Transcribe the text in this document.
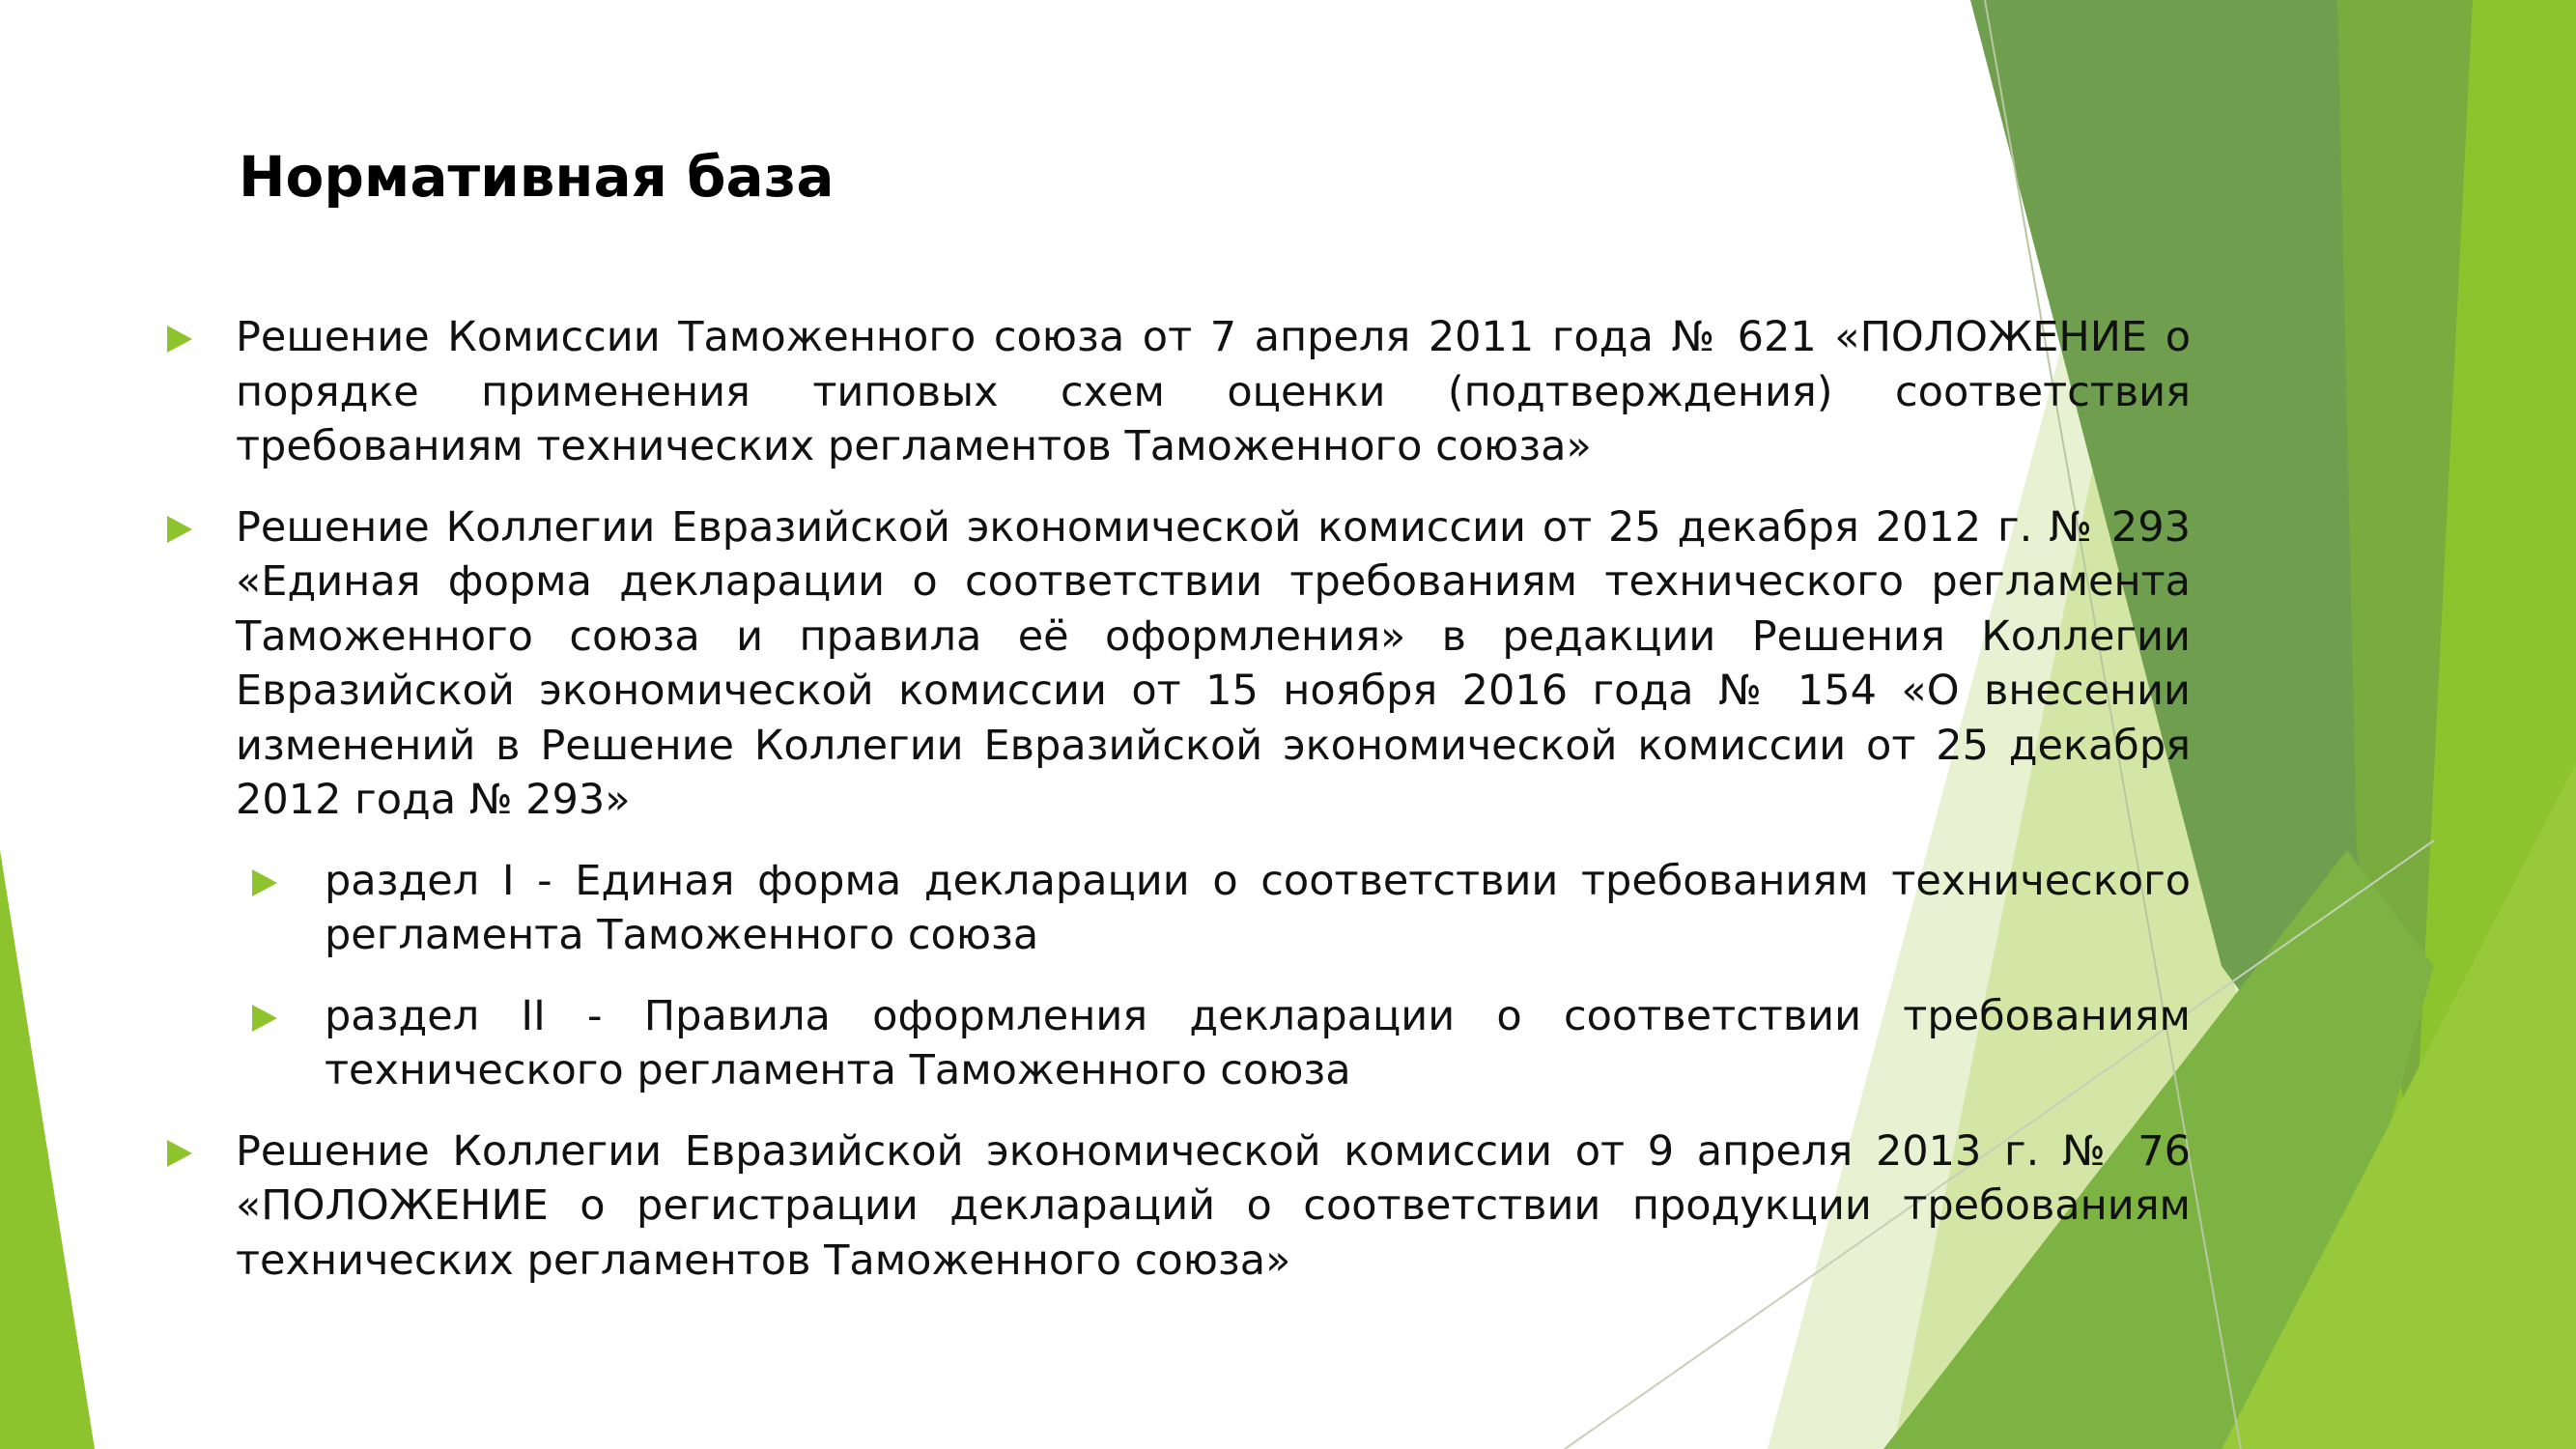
Нормативная база
Решение Комиссии Таможенного союза от 7 апреля 2011 года № 621 «ПОЛОЖЕНИЕ о порядке применения типовых схем оценки (подтверждения) соответствия требованиям технических регламентов Таможенного союза»
Решение Коллегии Евразийской экономической комиссии от 25 декабря 2012 г. № 293 «Единая форма декларации о соответствии требованиям технического регламента Таможенного союза и правила её оформления» в редакции Решения Коллегии Евразийской экономической комиссии от 15 ноября 2016 года № 154 «О внесении изменений в Решение Коллегии Евразийской экономической комиссии от 25 декабря 2012 года № 293»
раздел I - Единая форма декларации о соответствии требованиям технического регламента Таможенного союза
раздел II - Правила оформления декларации о соответствии требованиям технического регламента Таможенного союза
Решение Коллегии Евразийской экономической комиссии от 9 апреля 2013 г. № 76 «ПОЛОЖЕНИЕ о регистрации деклараций о соответствии продукции требованиям технических регламентов Таможенного союза»
